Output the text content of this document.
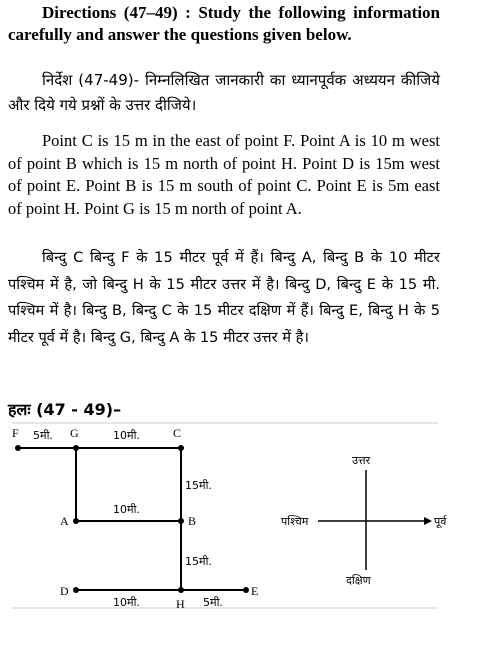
Directions (47–49) : Study the following information carefully and answer the questions given below.
निर्देश (47-49)- निम्नलिखित जानकारी का ध्यानपूर्वक अध्ययन कीजिये और दिये गये प्रश्नों के उत्तर दीजिये।
Point C is 15 m in the east of point F. Point A is 10 m west of point B which is 15 m north of point H. Point D is 15m west of point E. Point B is 15 m south of point C. Point E is 5m east of point H. Point G is 15 m north of point A.
बिन्दु C बिन्दु F के 15 मीटर पूर्व में हैं। बिन्दु A, बिन्दु B के 10 मीटर पश्चिम में है, जो बिन्दु H के 15 मीटर उत्तर में है। बिन्दु D, बिन्दु E के 15 मी. पश्चिम में है। बिन्दु B, बिन्दु C के 15 मीटर दक्षिण में हैं। बिन्दु E, बिन्दु H के 5 मीटर पूर्व में है। बिन्दु G, बिन्दु A के 15 मीटर उत्तर में है।
हलः (47 - 49)–
F	G	C
A	B
D
H
E
5मी.	10मी.
15मी.
10मी.
15मी.
10मी.	5मी.
उत्तर
दक्षिण
पश्चिम	पूर्व
